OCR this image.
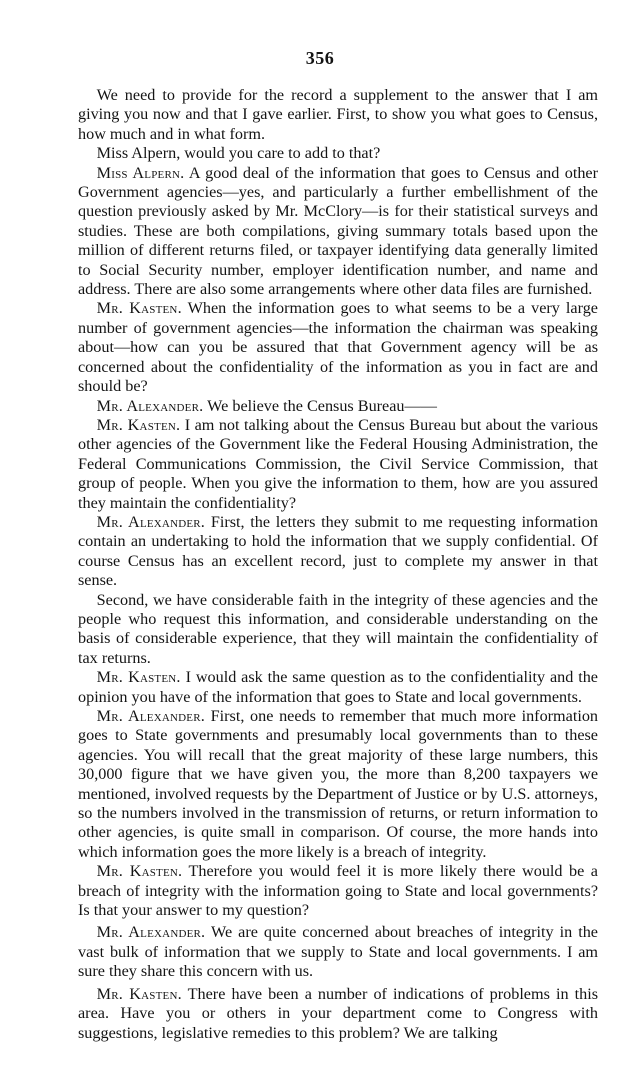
356

We need to provide for the record a supplement to the answer that I am giving you now and that I gave earlier. First, to show you what goes to Census, how much and in what form.

Miss Alpern, would you care to add to that?

Miss Alpern. A good deal of the information that goes to Census and other Government agencies—yes, and particularly a further embellishment of the question previously asked by Mr. McClory—is for their statistical surveys and studies. These are both compilations, giving summary totals based upon the million of different returns filed, or taxpayer identifying data generally limited to Social Security number, employer identification number, and name and address. There are also some arrangements where other data files are furnished.

Mr. Kasten. When the information goes to what seems to be a very large number of government agencies—the information the chairman was speaking about—how can you be assured that that Government agency will be as concerned about the confidentiality of the information as you in fact are and should be?

Mr. Alexander. We believe the Census Bureau——

Mr. Kasten. I am not talking about the Census Bureau but about the various other agencies of the Government like the Federal Housing Administration, the Federal Communications Commission, the Civil Service Commission, that group of people. When you give the information to them, how are you assured they maintain the confidentiality?

Mr. Alexander. First, the letters they submit to me requesting information contain an undertaking to hold the information that we supply confidential. Of course Census has an excellent record, just to complete my answer in that sense.

Second, we have considerable faith in the integrity of these agencies and the people who request this information, and considerable understanding on the basis of considerable experience, that they will maintain the confidentiality of tax returns.

Mr. Kasten. I would ask the same question as to the confidentiality and the opinion you have of the information that goes to State and local governments.

Mr. Alexander. First, one needs to remember that much more information goes to State governments and presumably local governments than to these agencies. You will recall that the great majority of these large numbers, this 30,000 figure that we have given you, the more than 8,200 taxpayers we mentioned, involved requests by the Department of Justice or by U.S. attorneys, so the numbers involved in the transmission of returns, or return information to other agencies, is quite small in comparison. Of course, the more hands into which information goes the more likely is a breach of integrity.

Mr. Kasten. Therefore you would feel it is more likely there would be a breach of integrity with the information going to State and local governments? Is that your answer to my question?

Mr. Alexander. We are quite concerned about breaches of integrity in the vast bulk of information that we supply to State and local governments. I am sure they share this concern with us.

Mr. Kasten. There have been a number of indications of problems in this area. Have you or others in your department come to Congress with suggestions, legislative remedies to this problem? We are talking
